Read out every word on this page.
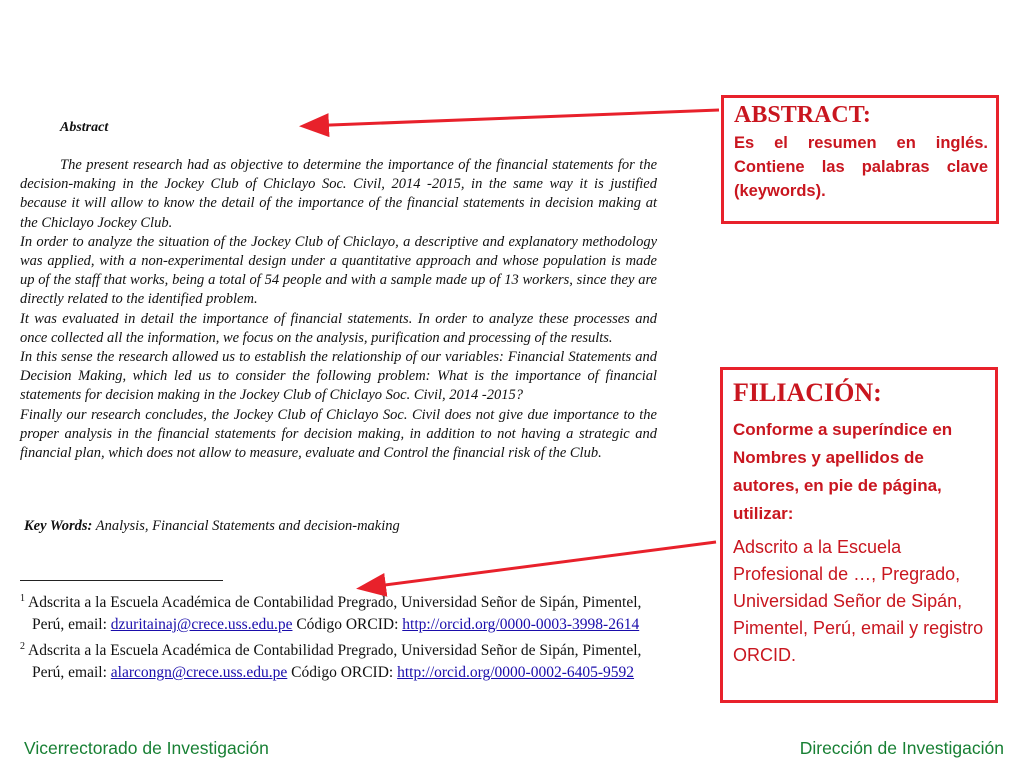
Abstract

The present research had as objective to determine the importance of the financial statements for the decision-making in the Jockey Club of Chiclayo Soc. Civil, 2014 -2015, in the same way it is justified because it will allow to know the detail of the importance of the financial statements in decision making at the Chiclayo Jockey Club.

In order to analyze the situation of the Jockey Club of Chiclayo, a descriptive and explanatory methodology was applied, with a non-experimental design under a quantitative approach and whose population is made up of the staff that works, being a total of 54 people and with a sample made up of 13 workers, since they are directly related to the identified problem.

It was evaluated in detail the importance of financial statements. In order to analyze these processes and once collected all the information, we focus on the analysis, purification and processing of the results.

In this sense the research allowed us to establish the relationship of our variables: Financial Statements and Decision Making, which led us to consider the following problem: What is the importance of financial statements for decision making in the Jockey Club of Chiclayo Soc. Civil, 2014 -2015?

Finally our research concludes, the Jockey Club of Chiclayo Soc. Civil does not give due importance to the proper analysis in the financial statements for decision making, in addition to not having a strategic and financial plan, which does not allow to measure, evaluate and Control the financial risk of the Club.

Key Words: Analysis, Financial Statements and decision-making
$^1$ Adscrita a la Escuela Académica de Contabilidad Pregrado, Universidad Señor de Sipán, Pimentel,
Perú, email: dzuritainaj@crece.uss.edu.pe Código ORCID: http://orcid.org/0000-0003-3998-2614
$^2$ Adscrita a la Escuela Académica de Contabilidad Pregrado, Universidad Señor de Sipán, Pimentel,
Perú, email: alarcongn@crece.uss.edu.pe Código ORCID: http://orcid.org/0000-0002-6405-9592
ABSTRACT:
Es el resumen en inglés. Contiene las palabras clave (keywords).
FILIACIÓN:
Conforme a superíndice en Nombres y apellidos de autores, en pie de página, utilizar:
Adscrito a la Escuela Profesional de …, Pregrado, Universidad Señor de Sipán, Pimentel, Perú, email y registro ORCID.
Vicerrectorado de Investigación	Dirección de Investigación
